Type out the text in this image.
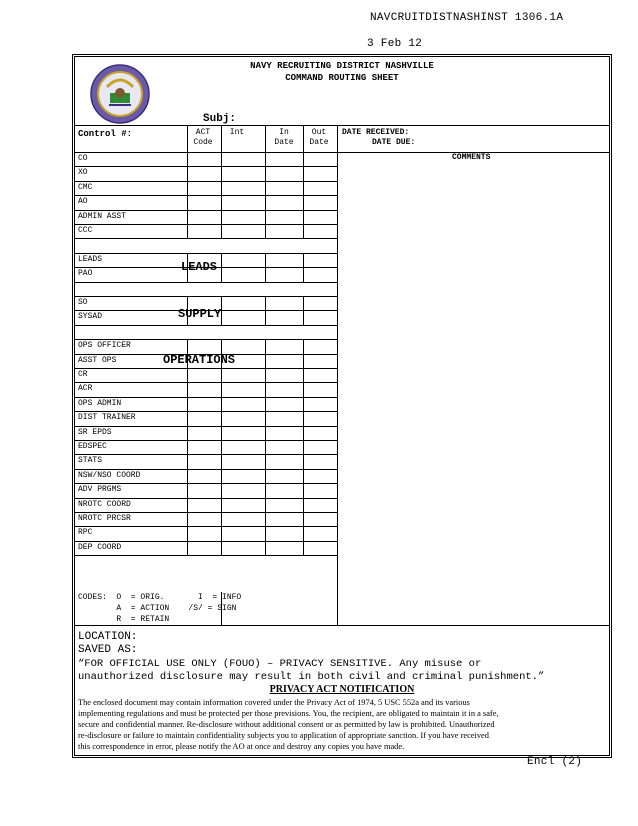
NAVCRUITDISTNASHINST 1306.1A
3 Feb 12
NAVY RECRUITING DISTRICT NASHVILLE
COMMAND ROUTING SHEET
Subj:
Control #:	ACT
Code
Int	In
Date
Out
Date
DATE RECEIVED:
DATE DUE:
COMMENTS
CO
XO
CMC
AO
ADMIN ASST
CCC
LEADS
PAO
SO
SYSAD
OPS OFFICER
ASST OPS
CR
ACR
OPS ADMIN
DIST TRAINER
SR EPDS
EDSPEC
STATS
NSW/NSO COORD
ADV PRGMS
NROTC COORD
NROTC PRCSR
RPC
DEP COORD
LEADS
SUPPLY
OPERATIONS
CODES:  O  = ORIG.       I  = INFO
A  = ACTION    /S/ = SIGN
R  = RETAIN
LOCATION:
SAVED AS:
“FOR OFFICIAL USE ONLY (FOUO) – PRIVACY SENSITIVE. Any misuse or
unauthorized disclosure may result in both civil and criminal punishment.”
PRIVACY ACT NOTIFICATION
The enclosed document may contain information covered under the Privacy Act of 1974, 5 USC 552a and its various
implementing regulations and must be protected per those previsions. You, the recipient, are obligated to maintain it in a safe,
secure and confidential manner. Re-disclosure without additional consent or as permitted by law is prohibited. Unauthorized
re-disclosure or failure to maintain confidentiality subjects you to application of appropriate sanction. If you have received
this correspondence in error, please notify the AO at once and destroy any copies you have made.
Encl (2)
